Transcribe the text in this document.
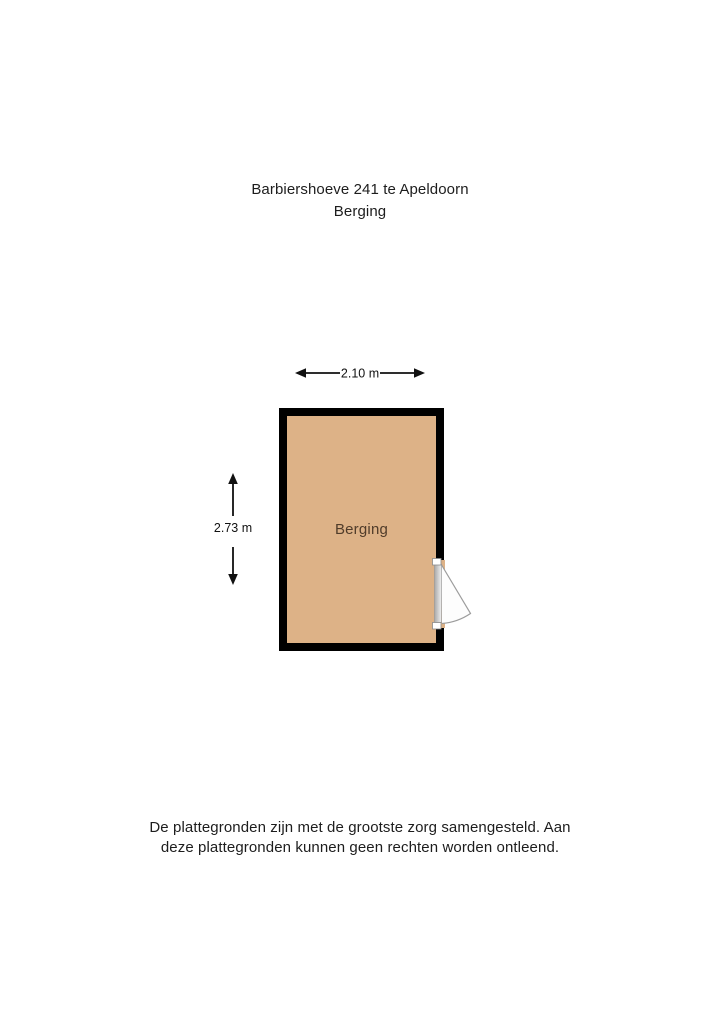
Barbiershoeve 241 te Apeldoorn
Berging
2.10 m
2.73 m	Berging
De plattegronden zijn met de grootste zorg samengesteld. Aan
deze plattegronden kunnen geen rechten worden ontleend.
